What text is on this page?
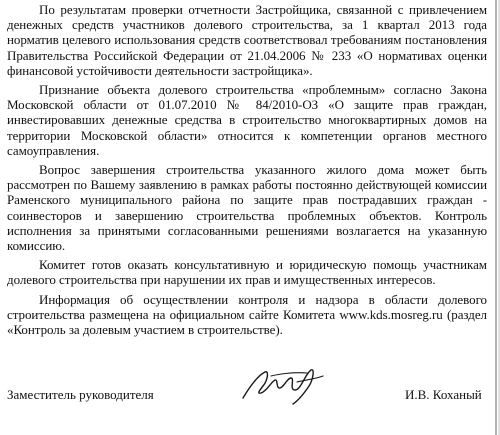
По результатам проверки отчетности Застройщика, связанной с привлечением денежных средств участников долевого строительства, за 1 квартал 2013 года норматив целевого использования средств соответствовал требованиям постановления Правительства Российской Федерации от 21.04.2006 № 233 «О нормативах оценки финансовой устойчивости деятельности застройщика».

Признание объекта долевого строительства «проблемным» согласно Закона Московской области от 01.07.2010 № 84/2010-ОЗ «О защите прав граждан, инвестировавших денежные средства в строительство многоквартирных домов на территории Московской области» относится к компетенции органов местного самоуправления.

Вопрос завершения строительства указанного жилого дома может быть рассмотрен по Вашему заявлению в рамках работы постоянно действующей комиссии Раменского муниципального района по защите прав пострадавших граждан - соинвесторов и завершению строительства проблемных объектов. Контроль исполнения за принятыми согласованными решениями возлагается на указанную комиссию.

Комитет готов оказать консультативную и юридическую помощь участникам долевого строительства при нарушении их прав и имущественных интересов.

Информация об осуществлении контроля и надзора в области долевого строительства размещена на официальном сайте Комитета www.kds.mosreg.ru (раздел «Контроль за долевым участием в строительстве).

Заместитель руководителя	И.В. Коханый
